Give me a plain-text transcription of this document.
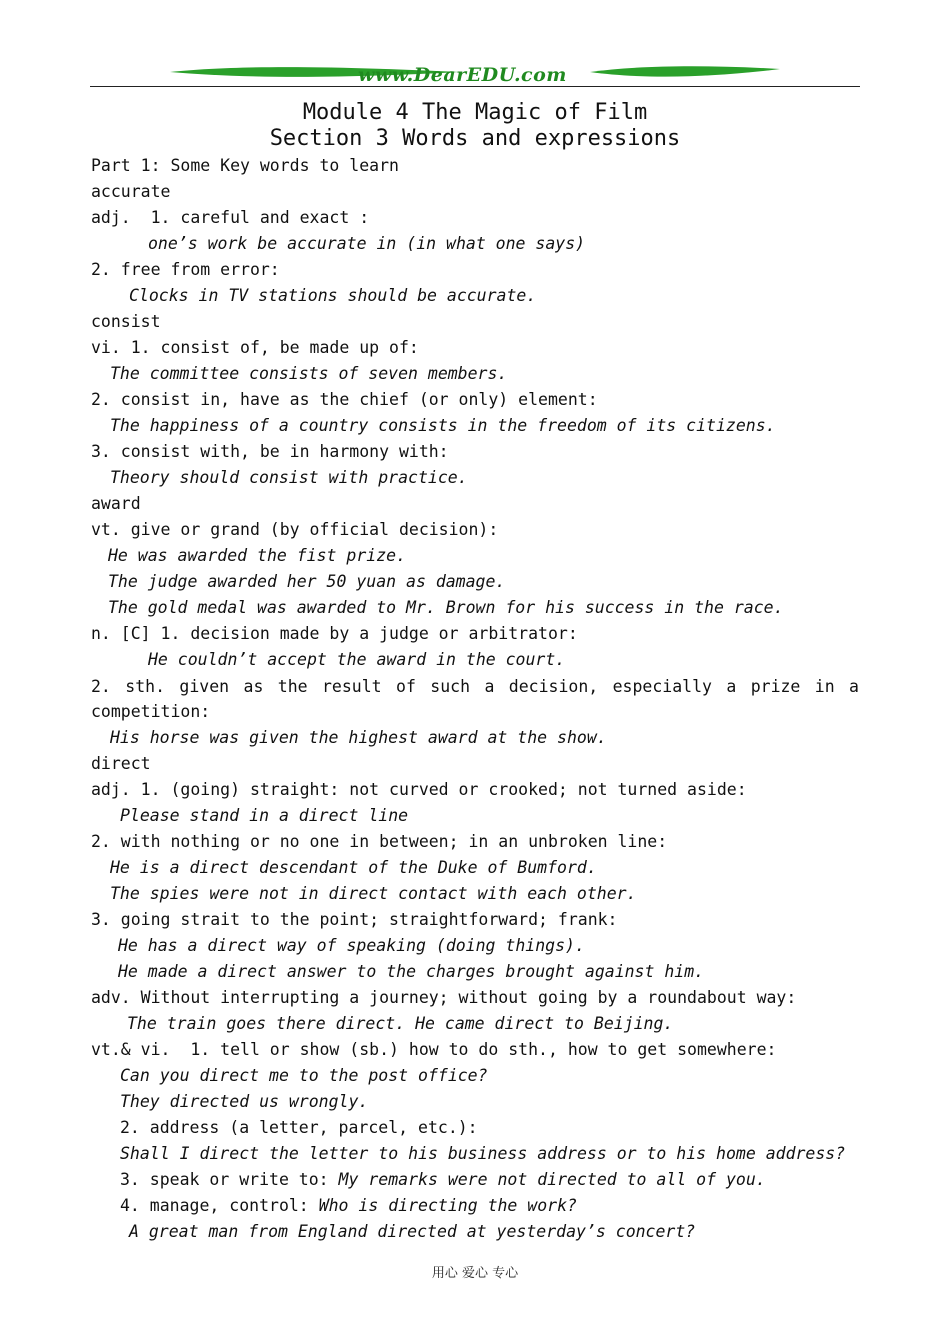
www.DearEDU.com
Module 4 The Magic of Film
Section 3 Words and expressions
Part 1: Some Key words to learn
accurate
adj.  1. careful and exact :
one’s work be accurate in (in what one says)
2. free from error:
Clocks in TV stations should be accurate.
consist
vi. 1. consist of, be made up of:
The committee consists of seven members.
2. consist in, have as the chief (or only) element:
The happiness of a country consists in the freedom of its citizens.
3. consist with, be in harmony with:
Theory should consist with practice.
award
vt. give or grand (by official decision):
He was awarded the fist prize.
The judge awarded her 50 yuan as damage.
The gold medal was awarded to Mr. Brown for his success in the race.
n. [C] 1. decision made by a judge or arbitrator:
He couldn’t accept the award in the court.
2. sth. given as the result of such a decision, especially a prize in a
competition:
His horse was given the highest award at the show.
direct
adj. 1. (going) straight: not curved or crooked; not turned aside:
Please stand in a direct line
2. with nothing or no one in between; in an unbroken line:
He is a direct descendant of the Duke of Bumford.
The spies were not in direct contact with each other.
3. going strait to the point; straightforward; frank:
He has a direct way of speaking (doing things).
He made a direct answer to the charges brought against him.
adv. Without interrupting a journey; without going by a roundabout way:
The train goes there direct. He came direct to Beijing.
vt.& vi.  1. tell or show (sb.) how to do sth., how to get somewhere:
Can you direct me to the post office?
They directed us wrongly.
2. address (a letter, parcel, etc.):
Shall I direct the letter to his business address or to his home address?
3. speak or write to: My remarks were not directed to all of you.
4. manage, control: Who is directing the work?
A great man from England directed at yesterday’s concert?
用心 爱心 专心
